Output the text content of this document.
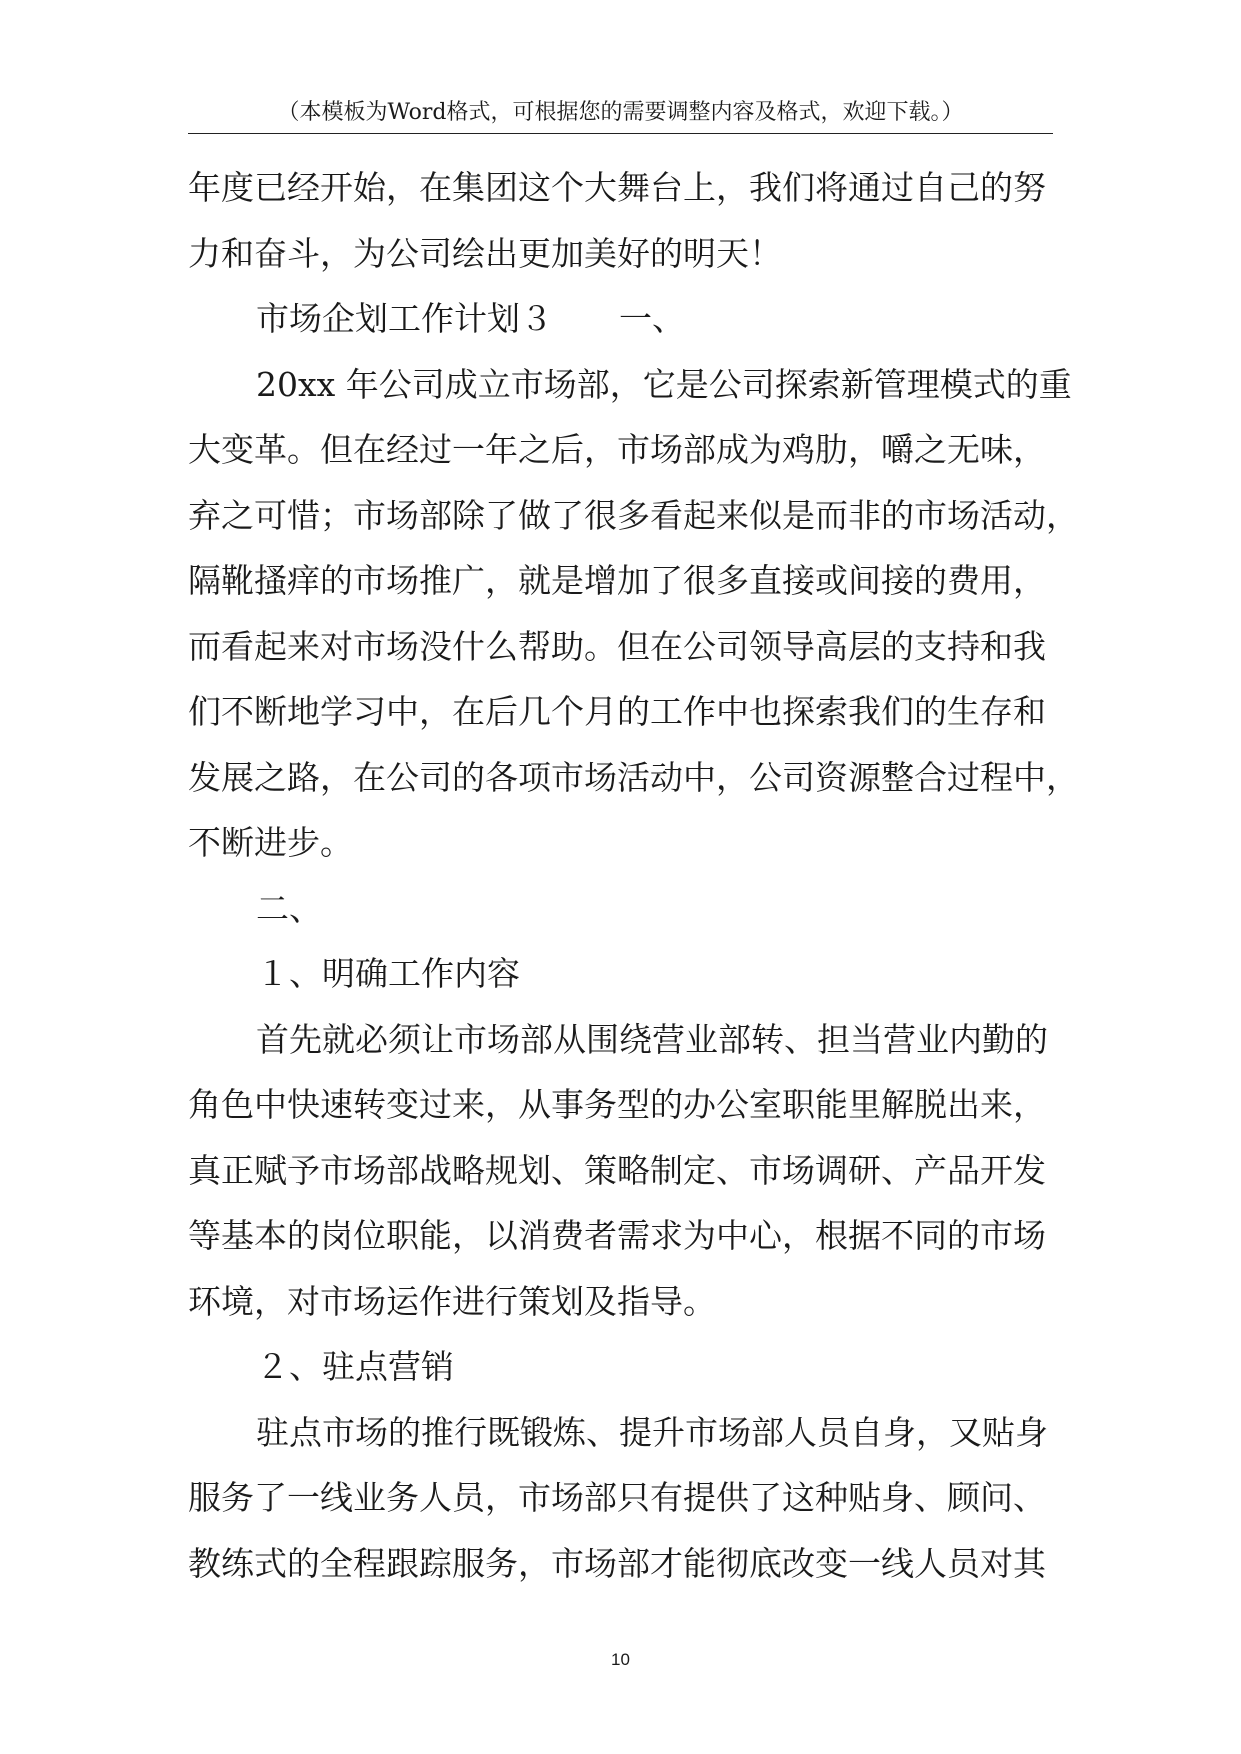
（本模板为Word格式，可根据您的需要调整内容及格式，欢迎下载。）
年度已经开始，在集团这个大舞台上，我们将通过自己的努
力和奋斗，为公司绘出更加美好的明天！
市场企划工作计划３　　一、
20xx 年公司成立市场部，它是公司探索新管理模式的重
大变革。但在经过一年之后，市场部成为鸡肋，嚼之无味，
弃之可惜；市场部除了做了很多看起来似是而非的市场活动，
隔靴搔痒的市场推广，就是增加了很多直接或间接的费用，
而看起来对市场没什么帮助。但在公司领导高层的支持和我
们不断地学习中，在后几个月的工作中也探索我们的生存和
发展之路，在公司的各项市场活动中，公司资源整合过程中，
不断进步。
二、
１、明确工作内容
首先就必须让市场部从围绕营业部转、担当营业内勤的
角色中快速转变过来，从事务型的办公室职能里解脱出来，
真正赋予市场部战略规划、策略制定、市场调研、产品开发
等基本的岗位职能，以消费者需求为中心，根据不同的市场
环境，对市场运作进行策划及指导。
２、驻点营销
驻点市场的推行既锻炼、提升市场部人员自身，又贴身
服务了一线业务人员，市场部只有提供了这种贴身、顾问、
教练式的全程跟踪服务，市场部才能彻底改变一线人员对其
10
